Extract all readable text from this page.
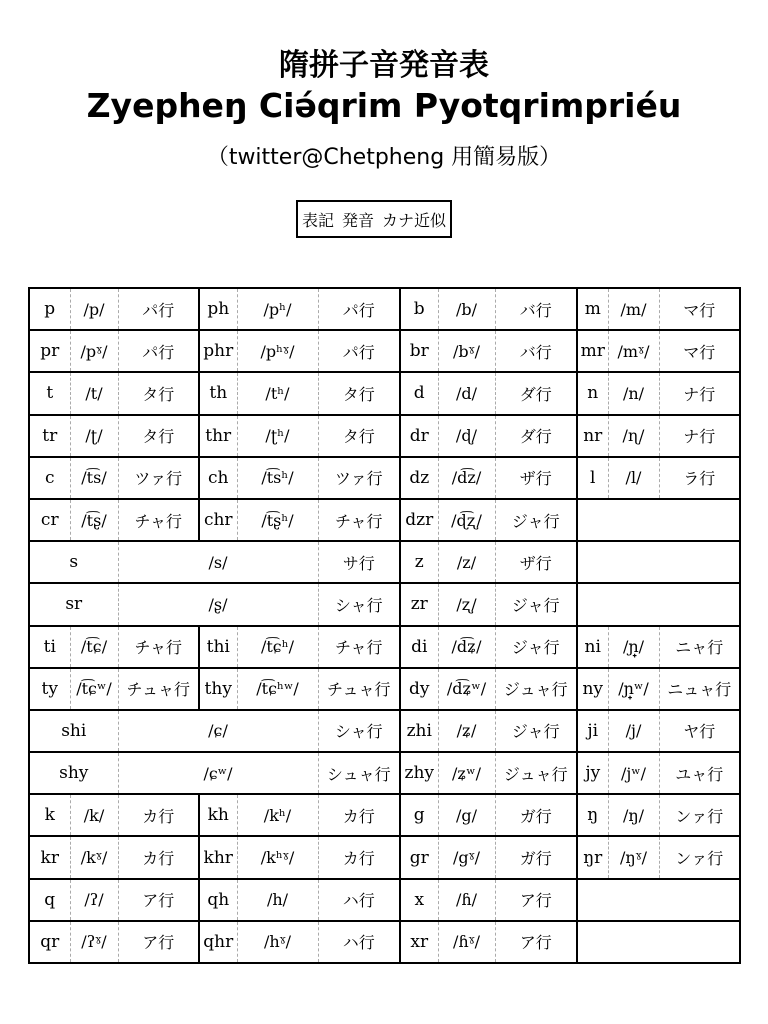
隋拼子音発音表
Zyepheŋ Ciə́qrim Pyotqrimpriéu
（twitter@Chetpheng 用簡易版）
表記 発音 カナ近似
p	/p/	パ行	ph	/pʰ/	パ行	b	/b/	バ行	m	/m/	マ行
pr	/pˠ/	パ行	phr	/pʰˠ/	パ行	br	/bˠ/	バ行	mr	/mˠ/	マ行
t	/t/	タ行	th	/tʰ/	タ行	d	/d/	ダ行	n	/n/	ナ行
tr	/ʈ/	タ行	thr	/ʈʰ/	タ行	dr	/ɖ/	ダ行	nr	/ɳ/	ナ行
c	/t͡s/	ツァ行	ch	/t͡sʰ/	ツァ行	dz	/d͡z/	ザ行	l	/l/	ラ行
cr	/t͡ʂ/	チャ行	chr	/t͡ʂʰ/	チャ行	dzr	/ɖ͡ʐ/	ジャ行			
s		/s/			サ行	z	/z/	ザ行			
sr		/ʂ/			シャ行	zr	/ʐ/	ジャ行			
ti	/t͡ɕ/	チャ行	thi	/t͡ɕʰ/	チャ行	di	/d͡ʑ/	ジャ行	ni	/ɲ̟/	ニャ行
ty	/t͡ɕʷ/	チュャ行	thy	/t͡ɕʰʷ/	チュャ行	dy	/d͡ʑʷ/	ジュャ行	ny	/ɲ̟ʷ/	ニュャ行
shi		/ɕ/			シャ行	zhi	/ʑ/	ジャ行	ji	/j/	ヤ行
shy		/ɕʷ/			シュャ行	zhy	/ʑʷ/	ジュャ行	jy	/jʷ/	ユャ行
k	/k/	カ行	kh	/kʰ/	カ行	g	/g/	ガ行	ŋ	/ŋ/	ンァ行
kr	/kˠ/	カ行	khr	/kʰˠ/	カ行	gr	/gˠ/	ガ行	ŋr	/ŋˠ/	ンァ行
q	/ʔ/	ア行	qh	/h/	ハ行	x	/ɦ/	ア行			
qr	/ʔˠ/	ア行	qhr	/hˠ/	ハ行	xr	/ɦˠ/	ア行			
